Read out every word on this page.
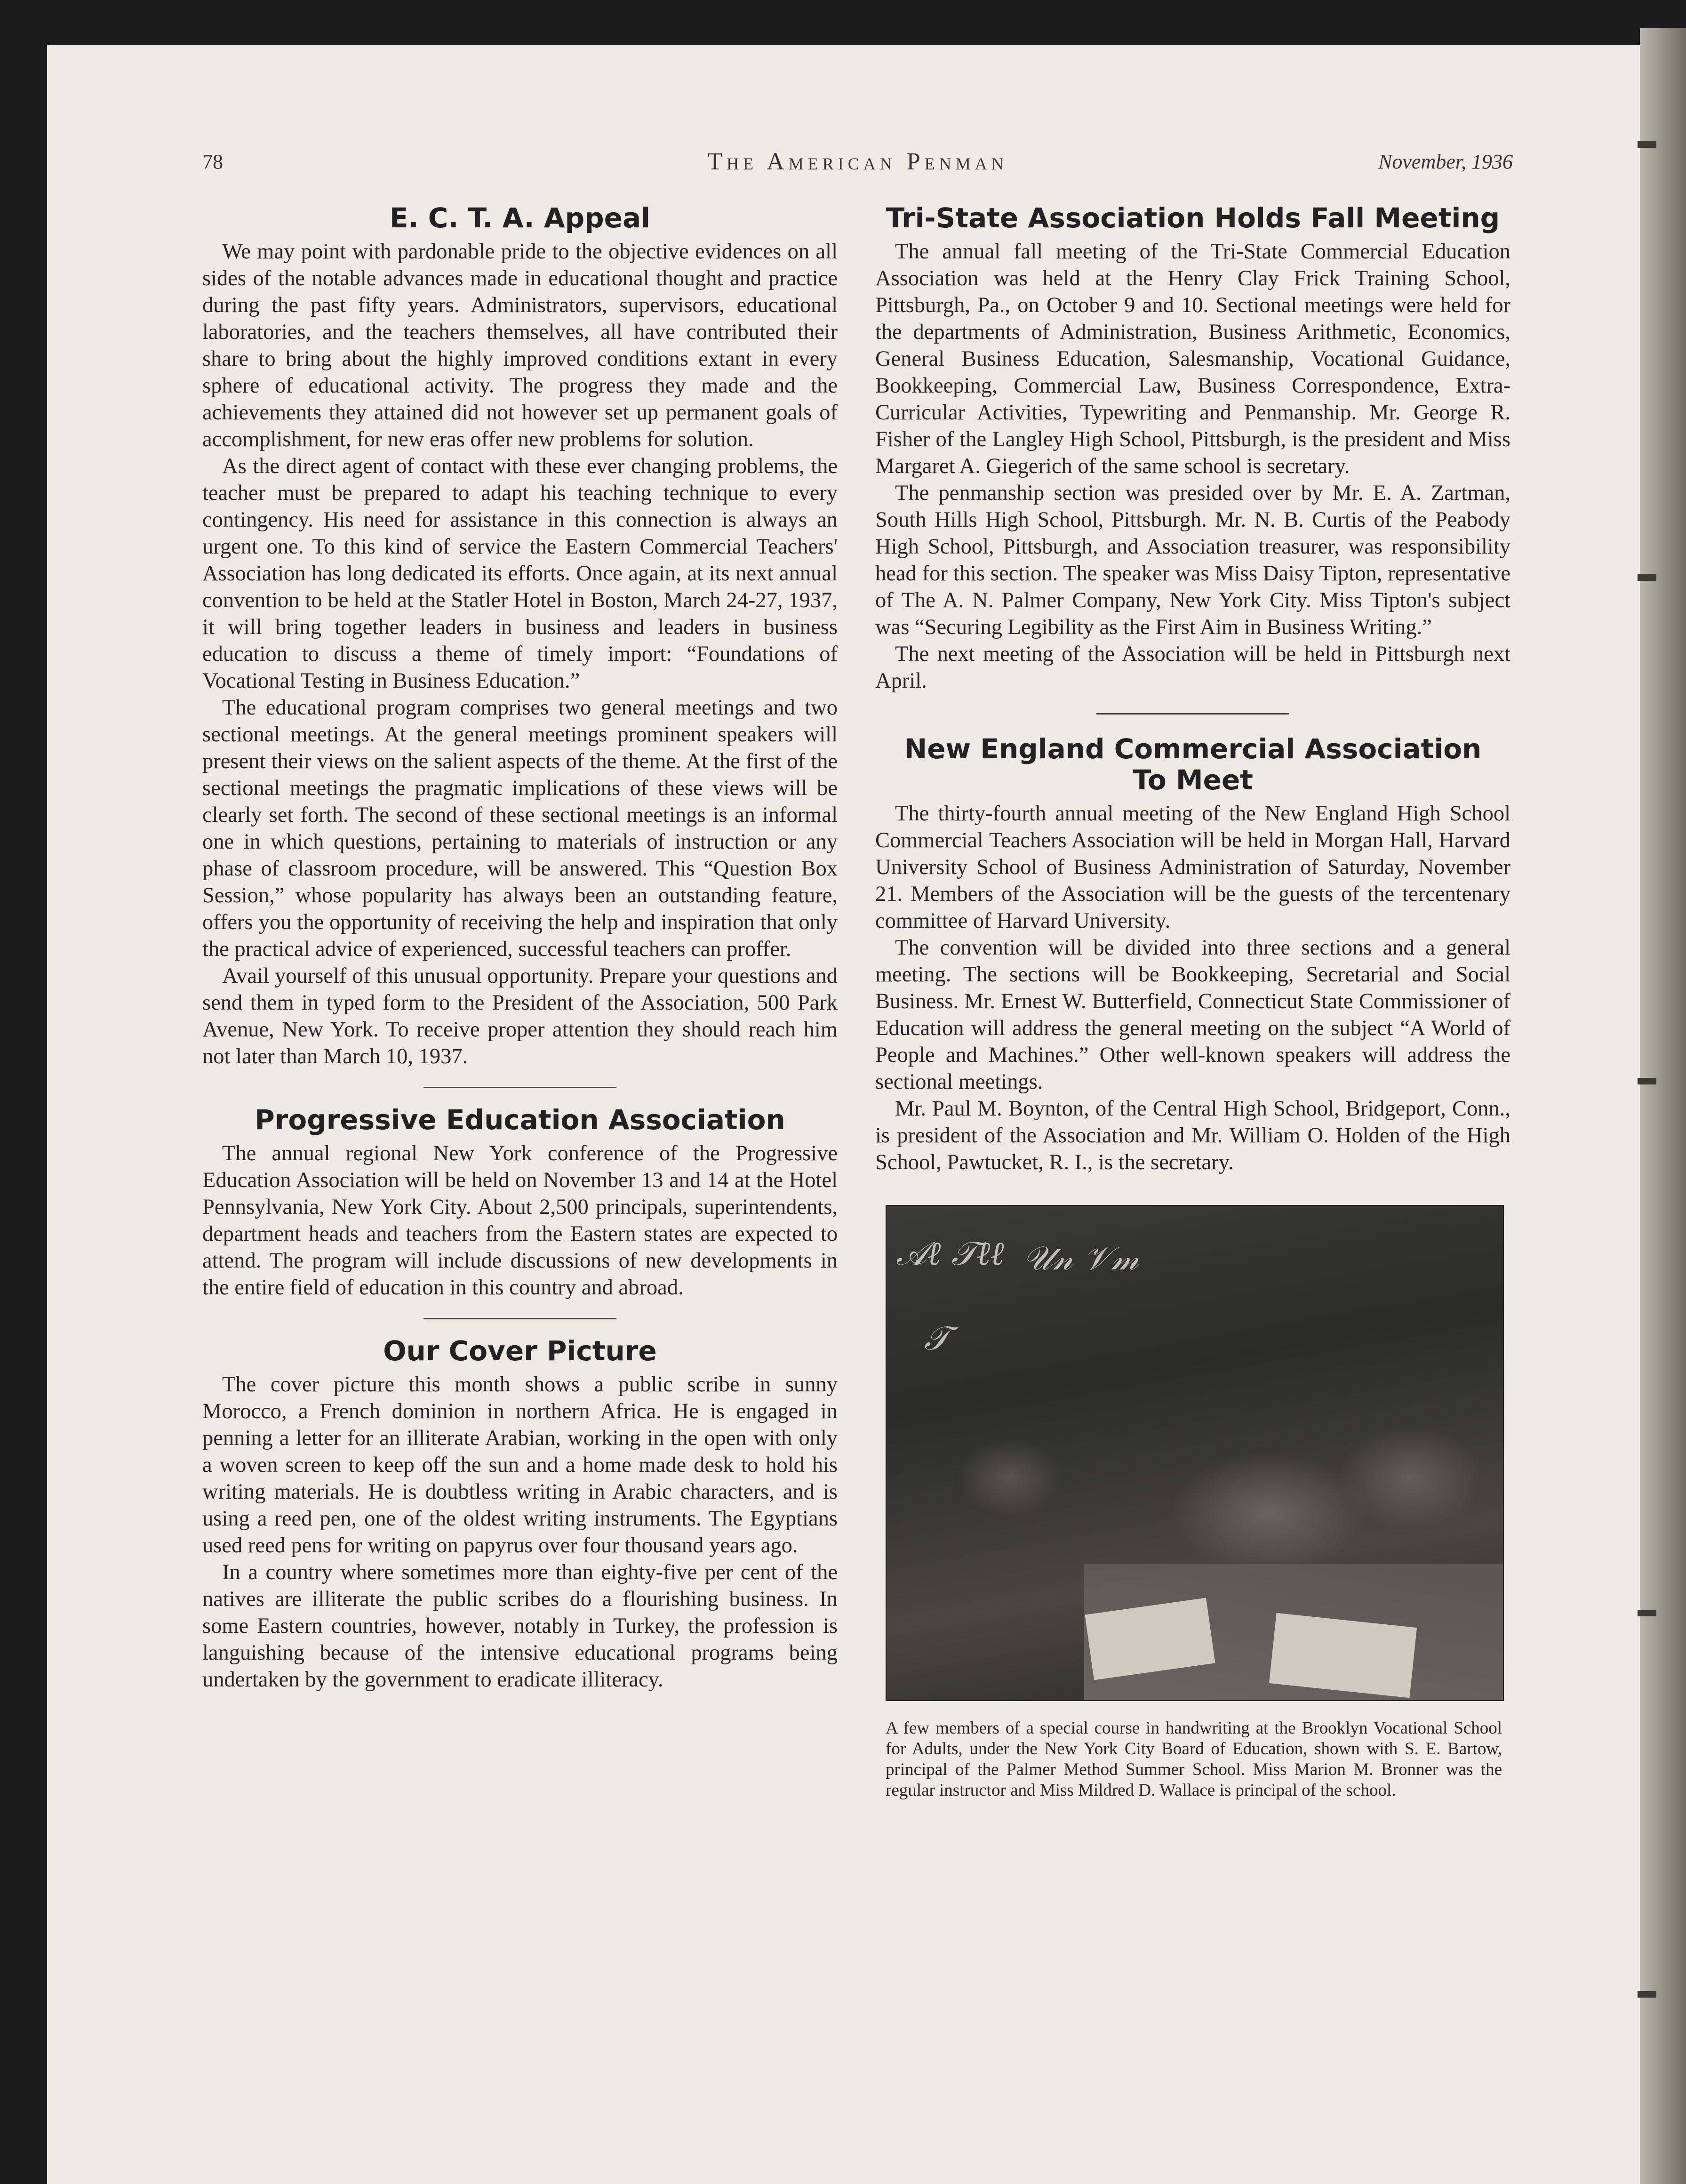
78	The American Penman	November, 1936
E. C. T. A. Appeal

We may point with pardonable pride to the objective evidences on all sides of the notable advances made in educational thought and practice during the past fifty years. Administrators, supervisors, educational laboratories, and the teachers themselves, all have contributed their share to bring about the highly improved conditions extant in every sphere of educational activity. The progress they made and the achievements they attained did not however set up permanent goals of accomplishment, for new eras offer new problems for solution.

As the direct agent of contact with these ever changing problems, the teacher must be prepared to adapt his teaching technique to every contingency. His need for assistance in this connection is always an urgent one. To this kind of service the Eastern Commercial Teachers' Association has long dedicated its efforts. Once again, at its next annual convention to be held at the Statler Hotel in Boston, March 24-27, 1937, it will bring together leaders in business and leaders in business education to discuss a theme of timely import: “Foundations of Vocational Testing in Business Education.”

The educational program comprises two general meetings and two sectional meetings. At the general meetings prominent speakers will present their views on the salient aspects of the theme. At the first of the sectional meetings the pragmatic implications of these views will be clearly set forth. The second of these sectional meetings is an informal one in which questions, pertaining to materials of instruction or any phase of classroom procedure, will be answered. This “Question Box Session,” whose popularity has always been an outstanding feature, offers you the opportunity of receiving the help and inspiration that only the practical advice of experienced, successful teachers can proffer.

Avail yourself of this unusual opportunity. Prepare your questions and send them in typed form to the President of the Association, 500 Park Avenue, New York. To receive proper attention they should reach him not later than March 10, 1937.

Progressive Education Association

The annual regional New York conference of the Progressive Education Association will be held on November 13 and 14 at the Hotel Pennsylvania, New York City. About 2,500 principals, superintendents, department heads and teachers from the Eastern states are expected to attend. The program will include discussions of new developments in the entire field of education in this country and abroad.

Our Cover Picture

The cover picture this month shows a public scribe in sunny Morocco, a French dominion in northern Africa. He is engaged in penning a letter for an illiterate Arabian, working in the open with only a woven screen to keep off the sun and a home made desk to hold his writing materials. He is doubtless writing in Arabic characters, and is using a reed pen, one of the oldest writing instruments. The Egyptians used reed pens for writing on papyrus over four thousand years ago.

In a country where sometimes more than eighty-five per cent of the natives are illiterate the public scribes do a flourishing business. In some Eastern countries, however, notably in Turkey, the profession is languishing because of the intensive educational programs being undertaken by the government to eradicate illiteracy.

Tri-State Association Holds Fall Meeting

The annual fall meeting of the Tri-State Commercial Education Association was held at the Henry Clay Frick Training School, Pittsburgh, Pa., on October 9 and 10. Sectional meetings were held for the departments of Administration, Business Arithmetic, Economics, General Business Education, Salesmanship, Vocational Guidance, Bookkeeping, Commercial Law, Business Correspondence, Extra-Curricular Activities, Typewriting and Penmanship. Mr. George R. Fisher of the Langley High School, Pittsburgh, is the president and Miss Margaret A. Giegerich of the same school is secretary.

The penmanship section was presided over by Mr. E. A. Zartman, South Hills High School, Pittsburgh. Mr. N. B. Curtis of the Peabody High School, Pittsburgh, and Association treasurer, was responsibility head for this section. The speaker was Miss Daisy Tipton, representative of The A. N. Palmer Company, New York City. Miss Tipton's subject was “Securing Legibility as the First Aim in Business Writing.”

The next meeting of the Association will be held in Pittsburgh next April.

New England Commercial Association
To Meet

The thirty-fourth annual meeting of the New England High School Commercial Teachers Association will be held in Morgan Hall, Harvard University School of Business Administration of Saturday, November 21. Members of the Association will be the guests of the tercentenary committee of Harvard University.

The convention will be divided into three sections and a general meeting. The sections will be Bookkeeping, Secretarial and Social Business. Mr. Ernest W. Butterfield, Connecticut State Commissioner of Education will address the general meeting on the subject “A World of People and Machines.” Other well-known speakers will address the sectional meetings.

Mr. Paul M. Boynton, of the Central High School, Bridgeport, Conn., is president of the Association and Mr. William O. Holden of the High School, Pawtucket, R. I., is the secretary.

𝒜ℓ 𝒯ℓℓ 𝒰𝓃 𝒱𝓂
𝒯

A few members of a special course in handwriting at the Brooklyn Vocational School for Adults, under the New York City Board of Education, shown with S. E. Bartow, principal of the Palmer Method Summer School. Miss Marion M. Bronner was the regular instructor and Miss Mildred D. Wallace is principal of the school.
